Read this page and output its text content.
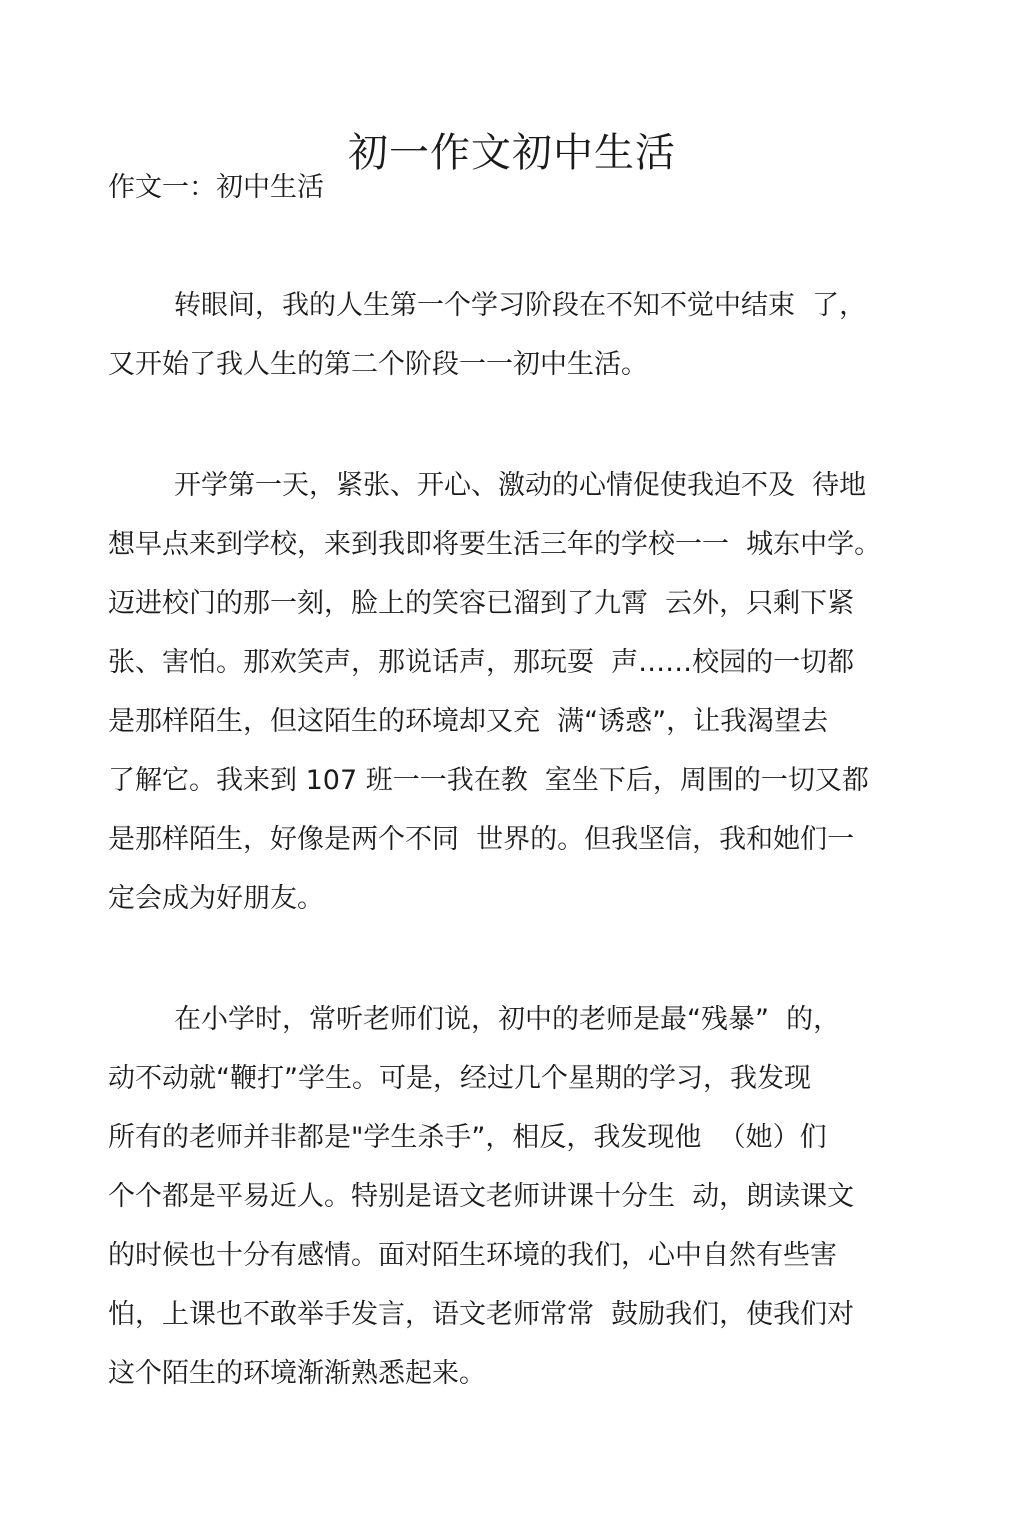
初一作文初中生活
作文一：初中生活
转眼间，我的人生第一个学习阶段在不知不觉中结束  了，
又开始了我人生的第二个阶段一一初中生活。
开学第一天，紧张、开心、激动的心情促使我迫不及  待地
想早点来到学校，来到我即将要生活三年的学校一一  城东中学。
迈进校门的那一刻，脸上的笑容已溜到了九霄  云外，只剩下紧
张、害怕。那欢笑声，那说话声，那玩耍  声……校园的一切都
是那样陌生，但这陌生的环境却又充  满“诱惑”，让我渴望去
了解它。我来到 107 班一一我在教  室坐下后，周围的一切又都
是那样陌生，好像是两个不同  世界的。但我坚信，我和她们一
定会成为好朋友。
在小学时，常听老师们说，初中的老师是最“残暴”  的，
动不动就“鞭打”学生。可是，经过几个星期的学习，我发现
所有的老师并非都是"学生杀手”，相反，我发现他  （她）们
个个都是平易近人。特别是语文老师讲课十分生  动，朗读课文
的时候也十分有感情。面对陌生环境的我们，心中自然有些害
怕，上课也不敢举手发言，语文老师常常  鼓励我们，使我们对
这个陌生的环境渐渐熟悉起来。
